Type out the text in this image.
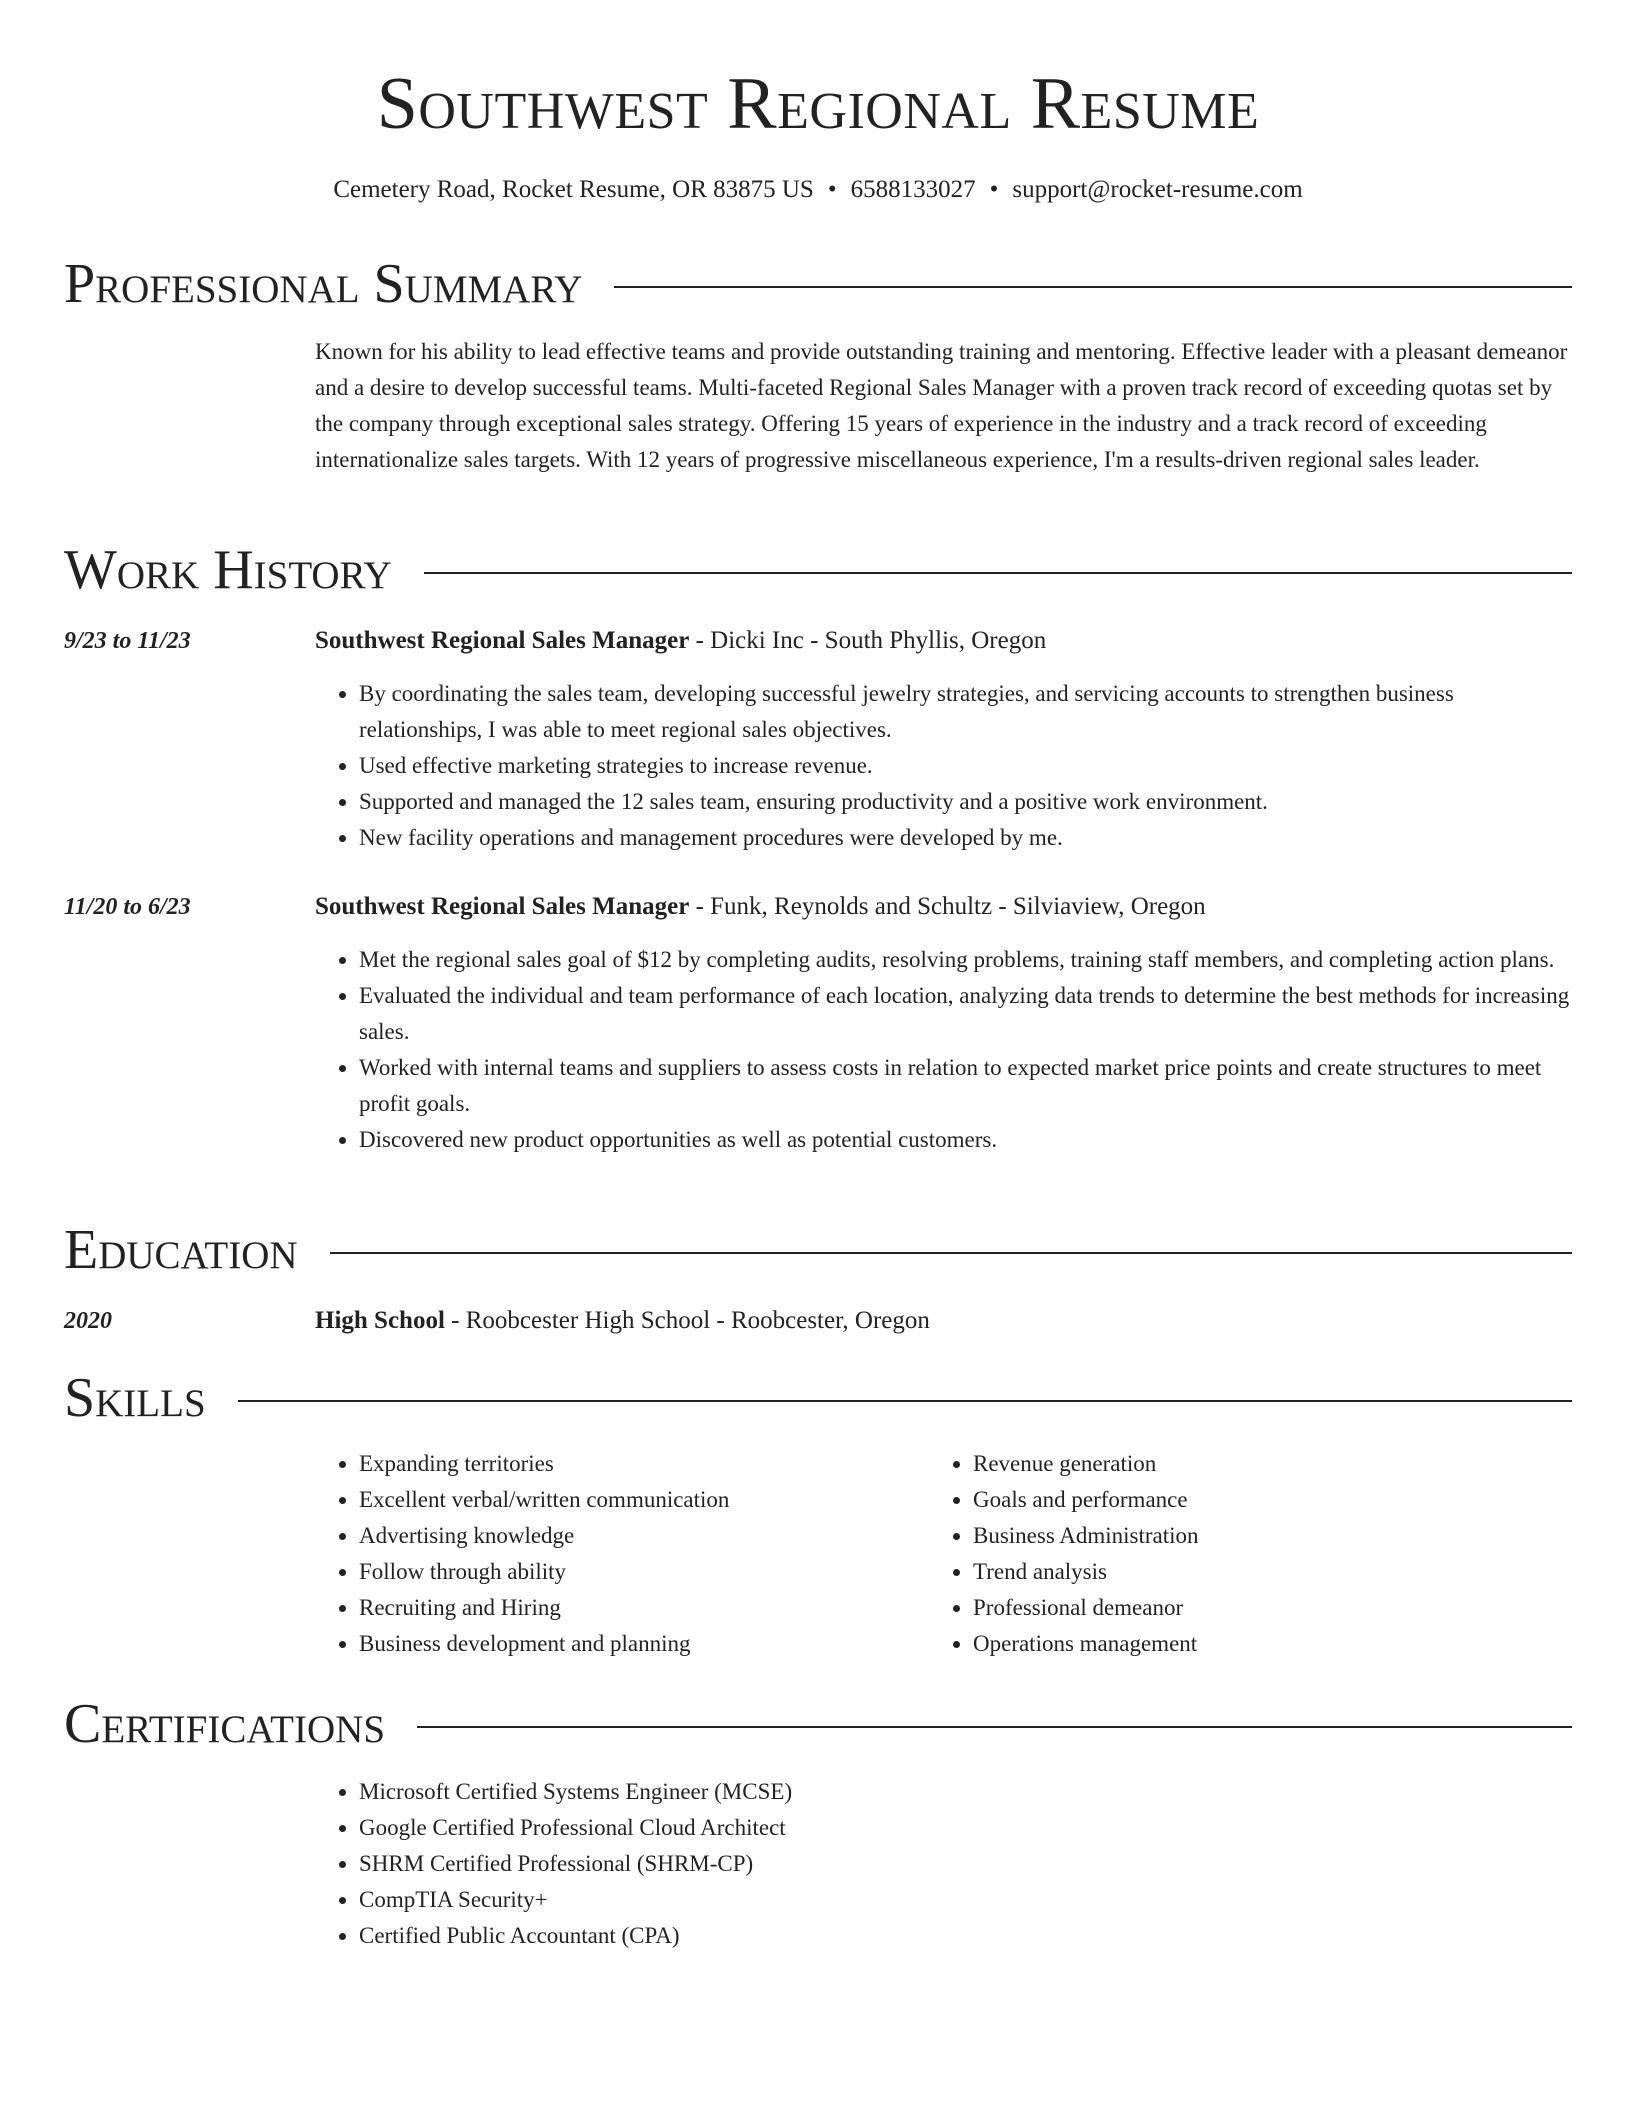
Southwest Regional Resume
Cemetery Road, Rocket Resume, OR 83875 US • 6588133027 • support@rocket-resume.com
Professional Summary

Known for his ability to lead effective teams and provide outstanding training and mentoring. Effective leader with a pleasant demeanor and a desire to develop successful teams. Multi-faceted Regional Sales Manager with a proven track record of exceeding quotas set by the company through exceptional sales strategy. Offering 15 years of experience in the industry and a track record of exceeding internationalize sales targets. With 12 years of progressive miscellaneous experience, I'm a results-driven regional sales leader.

Work History
9/23 to 11/23	Southwest Regional Sales Manager - Dicki Inc - South Phyllis, Oregon
• By coordinating the sales team, developing successful jewelry strategies, and servicing accounts to strengthen business relationships, I was able to meet regional sales objectives.
• Used effective marketing strategies to increase revenue.
• Supported and managed the 12 sales team, ensuring productivity and a positive work environment.
• New facility operations and management procedures were developed by me.
11/20 to 6/23	Southwest Regional Sales Manager - Funk, Reynolds and Schultz - Silviaview, Oregon
• Met the regional sales goal of $12 by completing audits, resolving problems, training staff members, and completing action plans.
• Evaluated the individual and team performance of each location, analyzing data trends to determine the best methods for increasing sales.
• Worked with internal teams and suppliers to assess costs in relation to expected market price points and create structures to meet profit goals.
• Discovered new product opportunities as well as potential customers.
Education
2020	High School - Roobcester High School - Roobcester, Oregon
Skills
• Expanding territories
• Excellent verbal/written communication
• Advertising knowledge
• Follow through ability
• Recruiting and Hiring
• Business development and planning
• Revenue generation
• Goals and performance
• Business Administration
• Trend analysis
• Professional demeanor
• Operations management
Certifications
• Microsoft Certified Systems Engineer (MCSE)
• Google Certified Professional Cloud Architect
• SHRM Certified Professional (SHRM-CP)
• CompTIA Security+
• Certified Public Accountant (CPA)
